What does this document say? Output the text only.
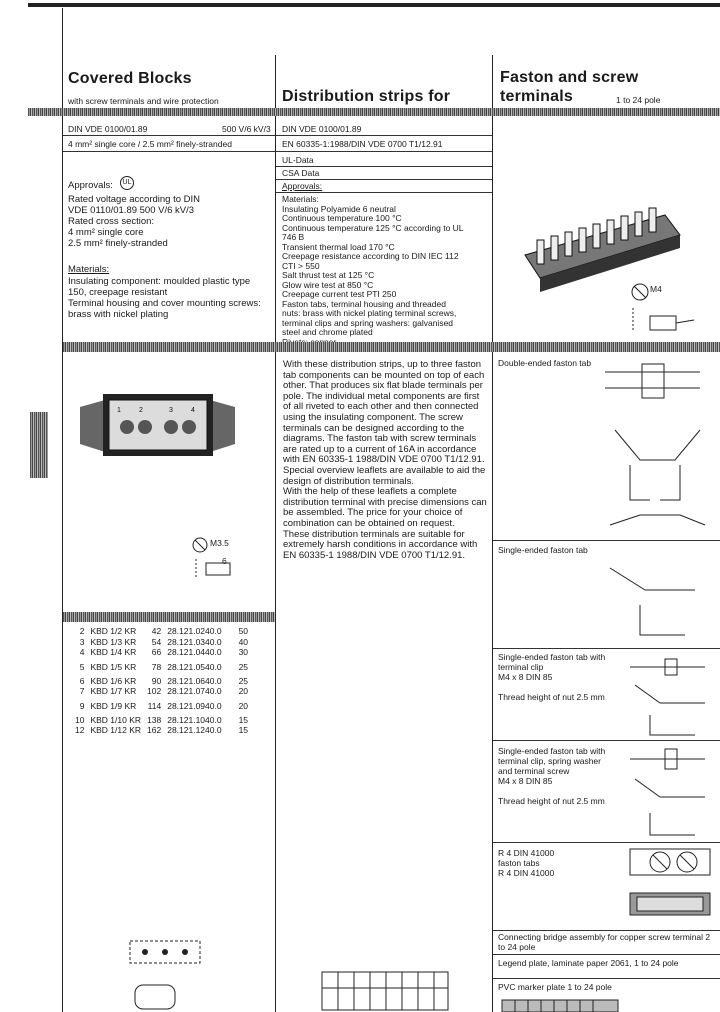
Covered Blocks
with screw terminals and wire protection	Distribution strips for
Faston and screw
terminals	1 to 24 pole
DIN VDE 0100/01.89	500 V/6 kV/3
4 mm² single core / 2.5 mm² finely-stranded
Approvals:	UL
Rated voltage according to DIN
VDE 0110/01.89 500 V/6 kV/3
Rated cross section:
4 mm² single core
2.5 mm² finely-stranded
Materials:
Insulating component: moulded plastic type
150, creepage resistant
Terminal housing and cover mounting screws:
brass with nickel plating
DIN VDE 0100/01.89
EN 60335-1:1988/DIN VDE 0700 T1/12.91
UL-Data
CSA Data
Approvals:
Materials:
Insulating Polyamide 6 neutral
Continuous temperature 100 °C
Continuous temperature 125 °C according to UL
746 B
Transient thermal load 170 °C
Creepage resistance according to DIN IEC 112
CTI > 550
Salt thrust test at 125 °C
Glow wire test at 850 °C
Creepage current test PTI 250
Faston tabs, terminal housing and threaded
nuts: brass with nickel plating terminal screws,
terminal clips and spring washers: galvanised
steel and chrome plated

M4
1	2	3	4
M3.5
6
2	KBD 1/2 KR	42	28.121.0240.0	50
3	KBD 1/3 KR	54	28.121.0340.0	40
4	KBD 1/4 KR	66	28.121.0440.0	30
5	KBD 1/5 KR	78	28.121.0540.0	25
6	KBD 1/6 KR	90	28.121.0640.0	25
7	KBD 1/7 KR	102	28.121.0740.0	20
9	KBD 1/9 KR	114	28.121.0940.0	20
10	KBD 1/10 KR	138	28.121.1040.0	15
12	KBD 1/12 KR	162	28.121.1240.0	15
With these distribution strips, up to three faston tab components can be mounted on top of each other. That produces six flat blade terminals per pole. The individual metal components are first of all riveted to each other and then connected using the insulating component. The screw terminals can be designed according to the diagrams. The faston tab with screw terminals are rated up to a current of 16A in accordance with EN 60335-1 1988/DIN VDE 0700 T1/12.91.
Special overview leaflets are available to aid the design of distribution terminals.
With the help of these leaflets a complete distribution terminal with precise dimensions can be assembled. The price for your choice of combination can be obtained on request.
These distribution terminals are suitable for extremely harsh conditions in accordance with EN 60335-1 1988/DIN VDE 0700 T1/12.91.
Double-ended faston tab
Single-ended faston tab
Single-ended faston tab with terminal clip
M4 x 8 DIN 85

Thread height of nut 2.5 mm
Single-ended faston tab with terminal clip, spring washer and terminal screw
M4 x 8 DIN 85

Thread height of nut 2.5 mm
R 4 DIN 41000
faston tabs
R 4 DIN 41000
Connecting bridge assembly for copper screw terminal 2 to 24 pole
Legend plate, laminate paper 2061, 1 to 24 pole
PVC marker plate 1 to 24 pole
